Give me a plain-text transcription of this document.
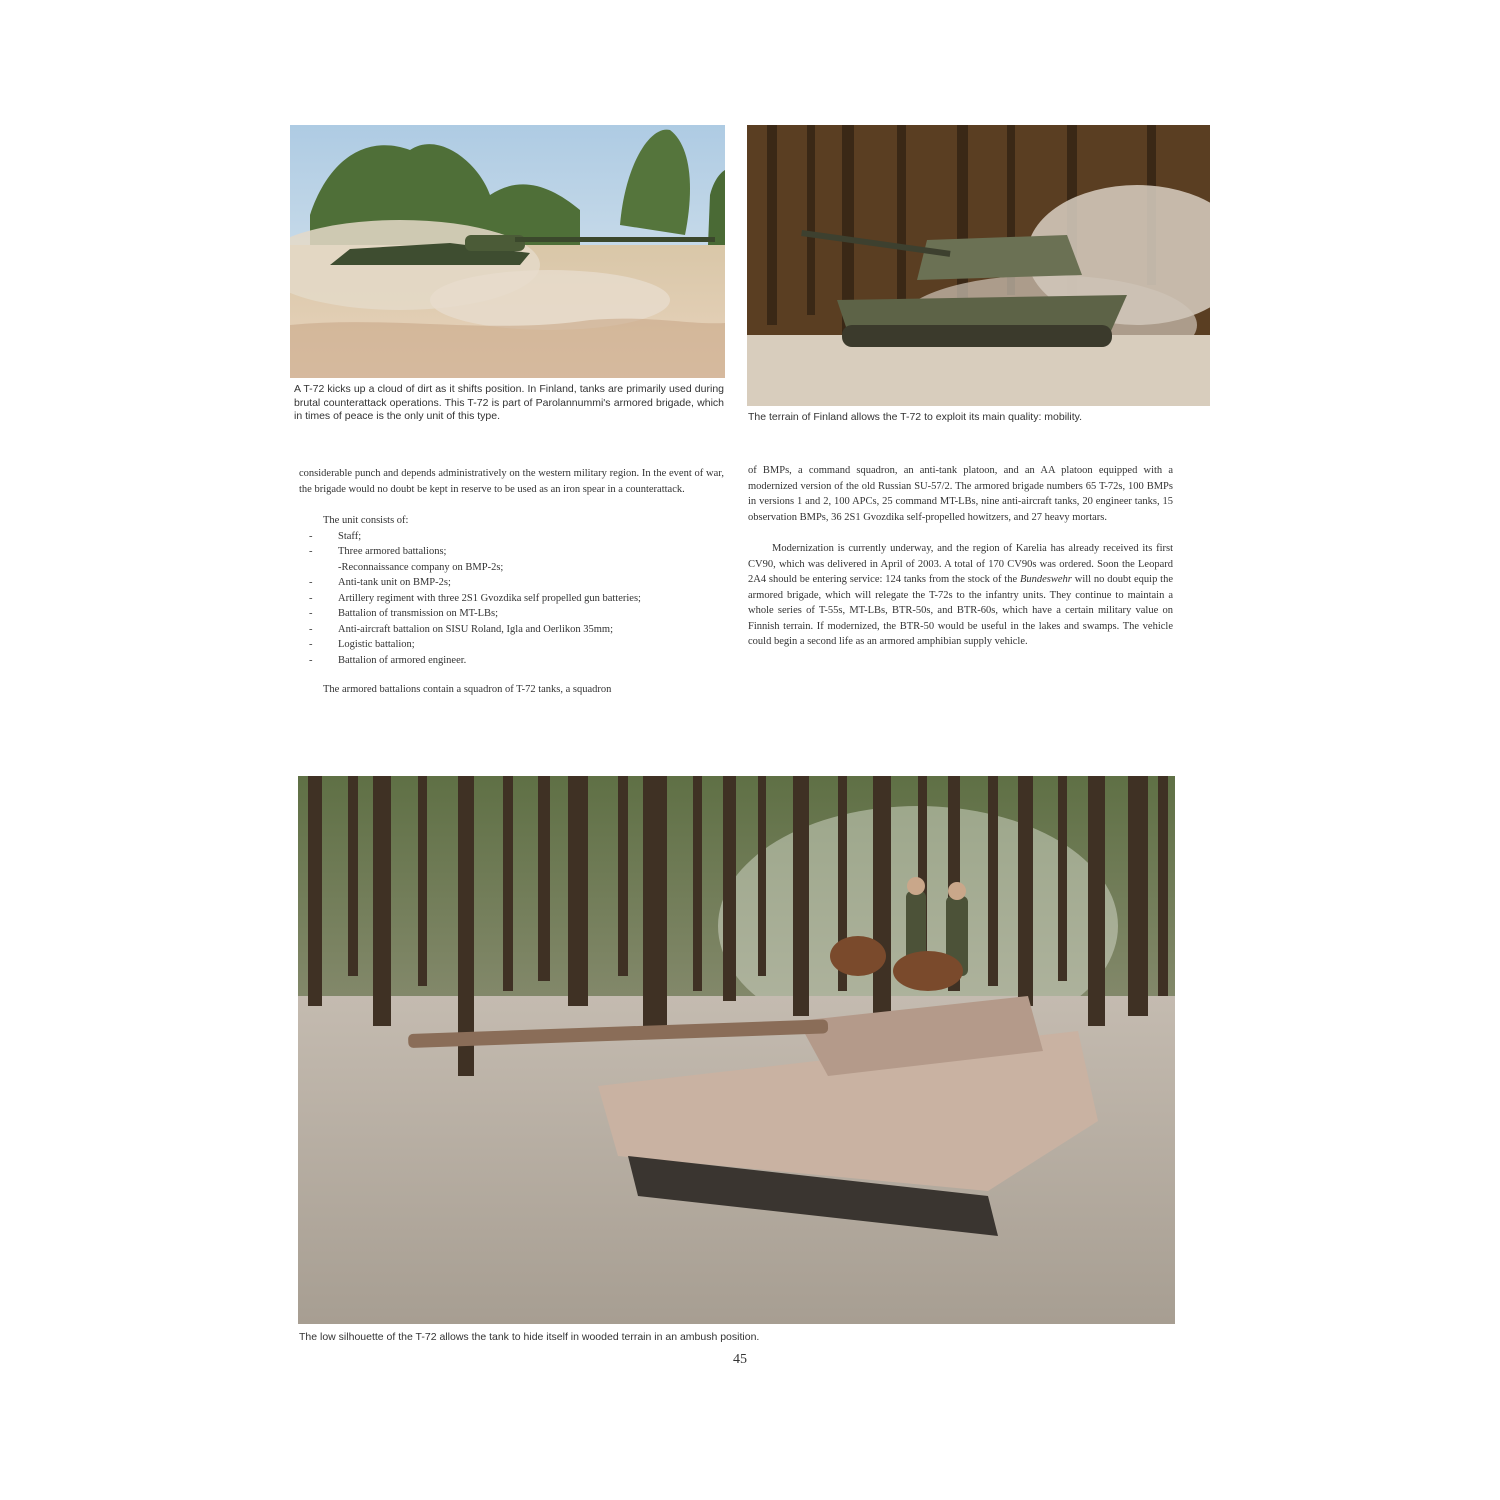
A T-72 kicks up a cloud of dirt as it shifts position. In Finland, tanks are primarily used during brutal counterattack operations. This T-72 is part of Parolannummi's armored brigade, which in times of peace is the only unit of this type.	The terrain of Finland allows the T-72 to exploit its main quality: mobility.

considerable punch and depends administratively on the western military region. In the event of war, the brigade would no doubt be kept in reserve to be used as an iron spear in a counterattack.

The unit consists of:

- Staff;
- Three armored battalions;
-Reconnaissance company on BMP-2s;
- Anti-tank unit on BMP-2s;
- Artillery regiment with three 2S1 Gvozdika self propelled gun batteries;
- Battalion of transmission on MT-LBs;
- Anti-aircraft battalion on SISU Roland, Igla and Oerlikon 35mm;
- Logistic battalion;
- Battalion of armored engineer.

The armored battalions contain a squadron of T-72 tanks, a squadron

of BMPs, a command squadron, an anti-tank platoon, and an AA platoon equipped with a modernized version of the old Russian SU-57/2. The armored brigade numbers 65 T-72s, 100 BMPs in versions 1 and 2, 100 APCs, 25 command MT-LBs, nine anti-aircraft tanks, 20 engineer tanks, 15 observation BMPs, 36 2S1 Gvozdika self-propelled howitzers, and 27 heavy mortars.

Modernization is currently underway, and the region of Karelia has already received its first CV90, which was delivered in April of 2003. A total of 170 CV90s was ordered. Soon the Leopard 2A4 should be entering service: 124 tanks from the stock of the Bundeswehr will no doubt equip the armored brigade, which will relegate the T-72s to the infantry units. They continue to maintain a whole series of T-55s, MT-LBs, BTR-50s, and BTR-60s, which have a certain military value on Finnish terrain. If modernized, the BTR-50 would be useful in the lakes and swamps. The vehicle could begin a second life as an armored amphibian supply vehicle.

The low silhouette of the T-72 allows the tank to hide itself in wooded terrain in an ambush position.
45
